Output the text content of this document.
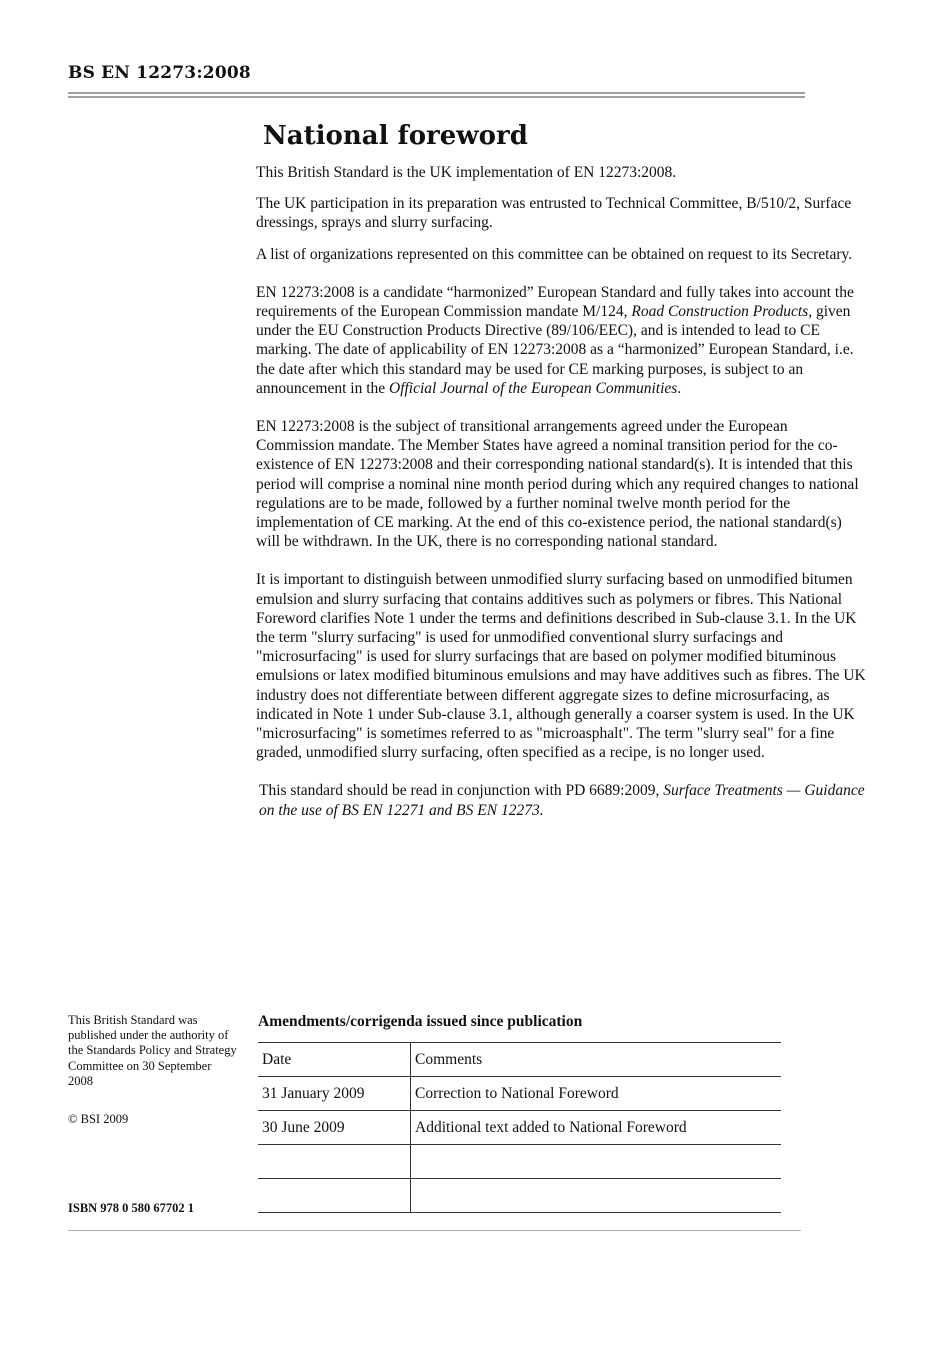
BS EN 12273:2008
National foreword

This British Standard is the UK implementation of EN 12273:2008.

The UK participation in its preparation was entrusted to Technical Committee, B/510/2, Surface dressings, sprays and slurry surfacing.

A list of organizations represented on this committee can be obtained on request to its Secretary.

EN 12273:2008 is a candidate “harmonized” European Standard and fully takes into account the requirements of the European Commission mandate M/124, Road Construction Products, given under the EU Construction Products Directive (89/106/EEC), and is intended to lead to CE marking. The date of applicability of EN 12273:2008 as a “harmonized” European Standard, i.e. the date after which this standard may be used for CE marking purposes, is subject to an announcement in the Official Journal of the European Communities.

EN 12273:2008 is the subject of transitional arrangements agreed under the European Commission mandate. The Member States have agreed a nominal transition period for the co-existence of EN 12273:2008 and their corresponding national standard(s). It is intended that this period will comprise a nominal nine month period during which any required changes to national regulations are to be made, followed by a further nominal twelve month period for the implementation of CE marking. At the end of this co-existence period, the national standard(s) will be withdrawn. In the UK, there is no corresponding national standard.

It is important to distinguish between unmodified slurry surfacing based on unmodified bitumen emulsion and slurry surfacing that contains additives such as polymers or fibres. This National Foreword clarifies Note 1 under the terms and definitions described in Sub-clause 3.1. In the UK the term "slurry surfacing" is used for unmodified conventional slurry surfacings and "microsurfacing" is used for slurry surfacings that are based on polymer modified bituminous emulsions or latex modified bituminous emulsions and may have additives such as fibres. The UK industry does not differentiate between different aggregate sizes to define microsurfacing, as indicated in Note 1 under Sub-clause 3.1, although generally a coarser system is used. In the UK "microsurfacing" is sometimes referred to as "microasphalt". The term "slurry seal" for a fine graded, unmodified slurry surfacing, often specified as a recipe, is no longer used.

This standard should be read in conjunction with PD 6689:2009, Surface Treatments — Guidance on the use of BS EN 12271 and BS EN 12273.

This British Standard was published under the authority of the Standards Policy and Strategy Committee on 30 September 2008
© BSI 2009
ISBN 978 0 580 67702 1
Amendments/corrigenda issued since publication
Date	Comments
31 January 2009	Correction to National Foreword
30 June 2009	Additional text added to National Foreword
